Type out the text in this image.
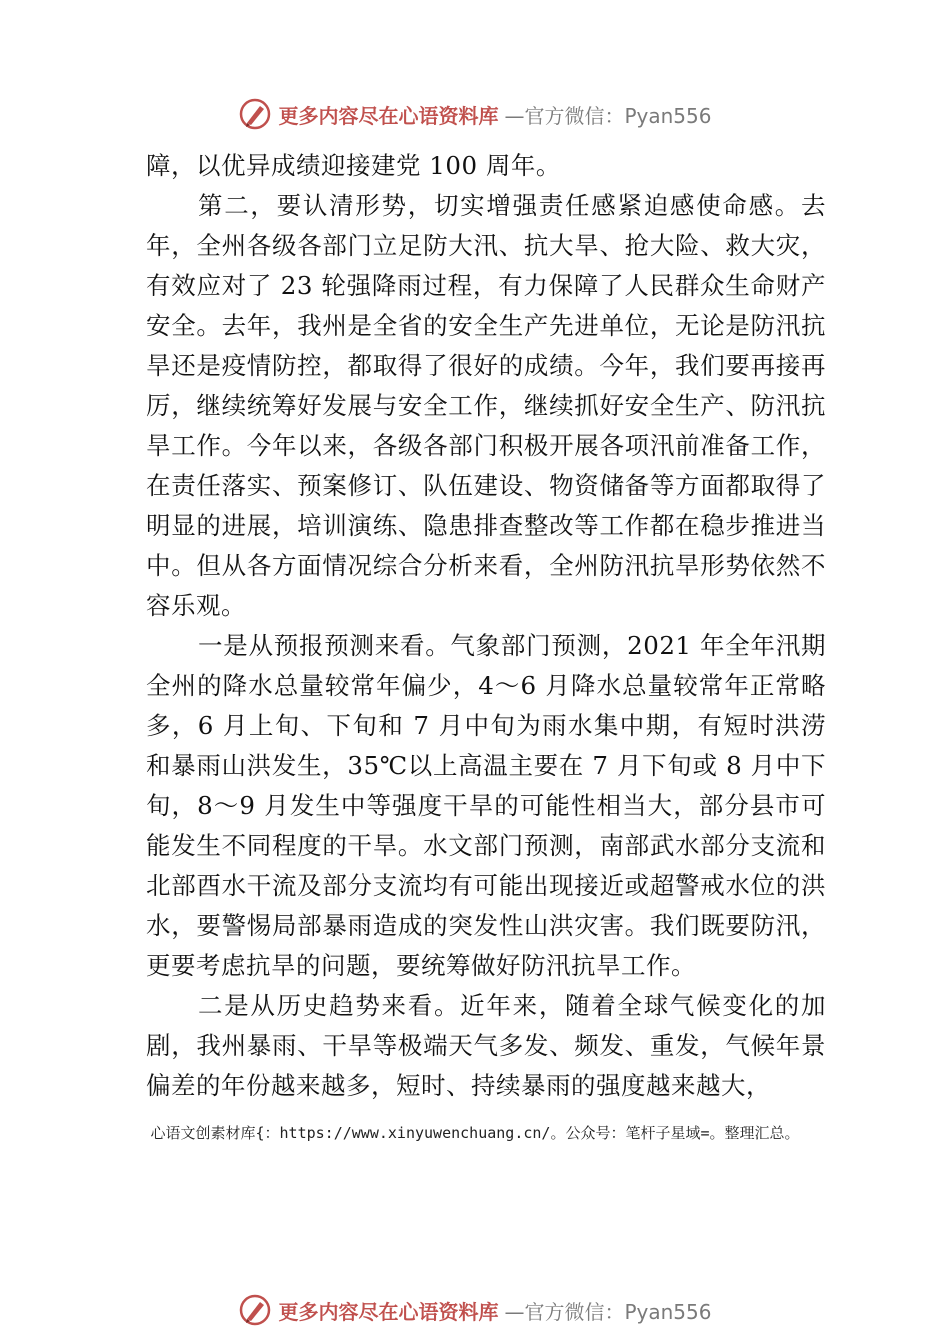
更多内容尽在心语资料库 —官方微信：Pyan556

障，以优异成绩迎接建党 100 周年。

第二，要认清形势，切实增强责任感紧迫感使命感。去年，全州各级各部门立足防大汛、抗大旱、抢大险、救大灾，有效应对了 23 轮强降雨过程，有力保障了人民群众生命财产安全。去年，我州是全省的安全生产先进单位，无论是防汛抗旱还是疫情防控，都取得了很好的成绩。今年，我们要再接再厉，继续统筹好发展与安全工作，继续抓好安全生产、防汛抗旱工作。今年以来，各级各部门积极开展各项汛前准备工作，在责任落实、预案修订、队伍建设、物资储备等方面都取得了明显的进展，培训演练、隐患排查整改等工作都在稳步推进当中。但从各方面情况综合分析来看，全州防汛抗旱形势依然不容乐观。

一是从预报预测来看。气象部门预测，2021 年全年汛期全州的降水总量较常年偏少，4～6 月降水总量较常年正常略多，6 月上旬、下旬和 7 月中旬为雨水集中期，有短时洪涝和暴雨山洪发生，35℃以上高温主要在 7 月下旬或 8 月中下旬，8～9 月发生中等强度干旱的可能性相当大，部分县市可能发生不同程度的干旱。水文部门预测，南部武水部分支流和北部酉水干流及部分支流均有可能出现接近或超警戒水位的洪水，要警惕局部暴雨造成的突发性山洪灾害。我们既要防汛，更要考虑抗旱的问题，要统筹做好防汛抗旱工作。

二是从历史趋势来看。近年来，随着全球气候变化的加剧，我州暴雨、干旱等极端天气多发、频发、重发，气候年景偏差的年份越来越多，短时、持续暴雨的强度越来越大，

心语文创素材库{：https://www.xinyuwenchuang.cn/。公众号：笔杆子星域=。整理汇总。
更多内容尽在心语资料库 —官方微信：Pyan556
